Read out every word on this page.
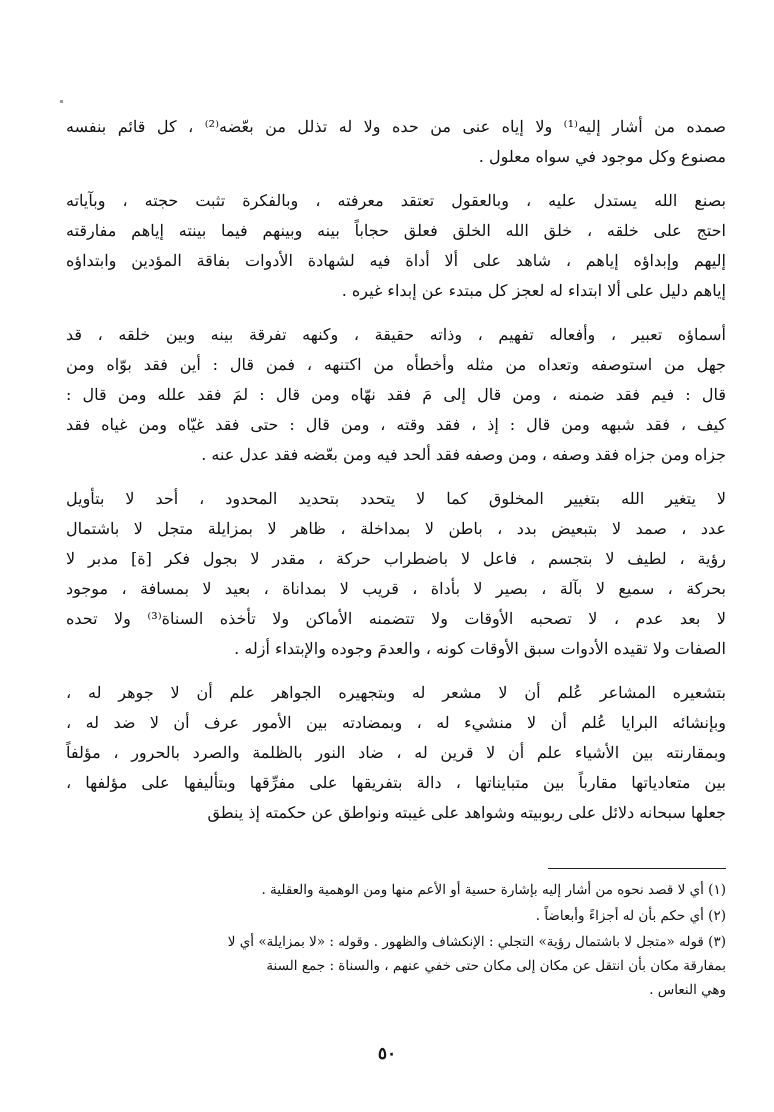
صمده من أشار إليه⁽¹⁾ ولا إياه عنى من حده ولا له تذلل من بعّضه⁽²⁾ ، كل قائم بنفسه
مصنوع وكل موجود في سواه معلول .

بصنع الله يستدل عليه ، وبالعقول تعتقد معرفته ، وبالفكرة تثبت حجته ، وبآياته
احتج على خلقه ، خلق الله الخلق فعلق حجاباً بينه وبينهم فيما بينته إياهم مفارقته
إليهم وإبداؤه إياهم ، شاهد على ألا أداة فيه لشهادة الأدوات بفاقة المؤدين وابتداؤه
إياهم دليل على ألا ابتداء له لعجز كل مبتدء عن إبداء غيره .

أسماؤه تعبير ، وأفعاله تفهيم ، وذاته حقيقة ، وكنهه تفرقة بينه وبين خلقه ، قد
جهل من استوصفه وتعداه من مثله وأخطأه من اكتنهه ، فمن قال : أين فقد بوّاه ومن
قال : فيم فقد ضمنه ، ومن قال إلى مَ فقد نهّاه ومن قال : لمَ فقد علله ومن قال :
كيف ، فقد شبهه ومن قال : إذ ، فقد وقته ، ومن قال : حتى فقد غيّاه ومن غياه فقد
جزاه ومن جزاه فقد وصفه ، ومن وصفه فقد ألحد فيه ومن بعّضه فقد عدل عنه .

لا يتغير الله بتغيير المخلوق كما لا يتحدد بتحديد المحدود ، أحد لا بتأويل
عدد ، صمد لا بتبعيض بدد ، باطن لا بمداخلة ، ظاهر لا بمزايلة متجل لا باشتمال
رؤية ، لطيف لا بتجسم ، فاعل لا باضطراب حركة ، مقدر لا بجول فكر [ة] مدبر لا
بحركة ، سميع لا بآلة ، بصير لا بأداة ، قريب لا بمداناة ، بعيد لا بمسافة ، موجود
لا بعد عدم ، لا تصحبه الأوقات ولا تتضمنه الأماكن ولا تأخذه السناة⁽³⁾ ولا تحده
الصفات ولا تقيده الأدوات سبق الأوقات كونه ، والعدمَ وجوده والإبتداء أزله .

بتشعيره المشاعر عُلم أن لا مشعر له وبتجهيره الجواهر علم أن لا جوهر له ،
وبإنشائه البرايا عُلم أن لا منشيء له ، وبمضادته بين الأمور عرف أن لا ضد له ،
وبمقارنته بين الأشياء علم أن لا قرين له ، ضاد النور بالظلمة والصرد بالحرور ، مؤلفاً
بين متعادياتها مقارباً بين متبايناتها ، دالة بتفريقها على مفرِّقها وبتأليفها على مؤلفها ،
جعلها سبحانه دلائل على ربوبيته وشواهد على غيبته ونواطق عن حكمته إذ ينطق

(١) أي لا قصد نحوه من أشار إليه بإشارة حسية أو الأعم منها ومن الوهمية والعقلية .
(٢) أي حكم بأن له أجزاءً وأبعاضاً .
(٣) قوله «متجل لا باشتمال رؤية» التجلي : الإنكشاف والظهور . وقوله : «لا بمزايلة» أي لا
بمفارقة مكان بأن انتقل عن مكان إلى مكان حتى خفي عنهم ، والسناة : جمع السنة
وهي النعاس .
٥٠
